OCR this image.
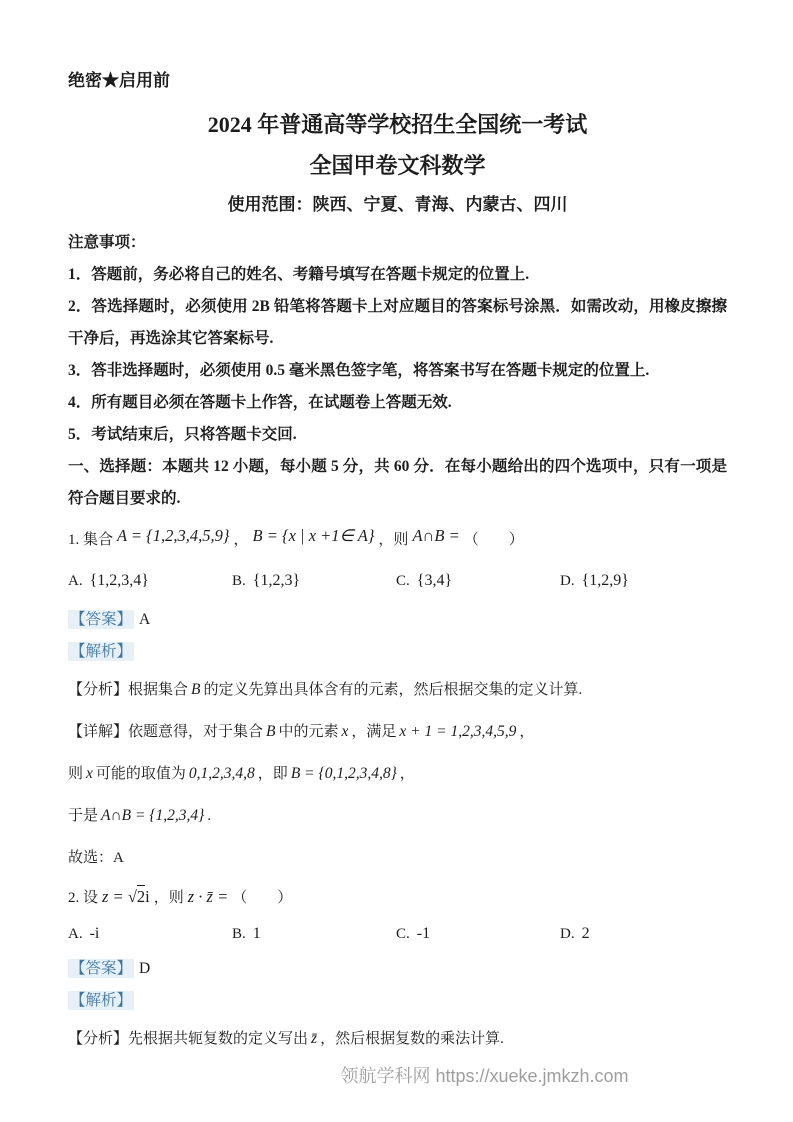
绝密★启用前
2024 年普通高等学校招生全国统一考试
全国甲卷文科数学
使用范围：陕西、宁夏、青海、内蒙古、四川
注意事项：
1．答题前，务必将自己的姓名、考籍号填写在答题卡规定的位置上.
2．答选择题时，必须使用 2B 铅笔将答题卡上对应题目的答案标号涂黑．如需改动，用橡皮擦擦干净后，再选涂其它答案标号.
3．答非选择题时，必须使用 0.5 毫米黑色签字笔，将答案书写在答题卡规定的位置上.
4．所有题目必须在答题卡上作答，在试题卷上答题无效.
5．考试结束后，只将答题卡交回.
一、选择题：本题共 12 小题，每小题 5 分，共 60 分．在每小题给出的四个选项中，只有一项是符合题目要求的.
1. 集合 A = {1,2,3,4,5,9} ， B = {x | x +1∈ A} ，则 A∩B = （　　）
A. {1,2,3,4}	B. {1,2,3}	C. {3,4}	D. {1,2,9}
【答案】 A
【解析】
【分析】根据集合 B 的定义先算出具体含有的元素，然后根据交集的定义计算.
【详解】依题意得，对于集合 B 中的元素 x ，满足 x + 1 = 1,2,3,4,5,9 ，
则 x 可能的取值为 0,1,2,3,4,8 ，即 B = {0,1,2,3,4,8} ，
于是 A∩B = {1,2,3,4} .
故选：A
2. 设 z = √2i ，则 z · z̄ = （　　）
A. -i	B. 1	C. -1	D. 2
【答案】 D
【解析】
【分析】先根据共轭复数的定义写出 z̄ ，然后根据复数的乘法计算.
领航学科网 https://xueke.jmkzh.com
